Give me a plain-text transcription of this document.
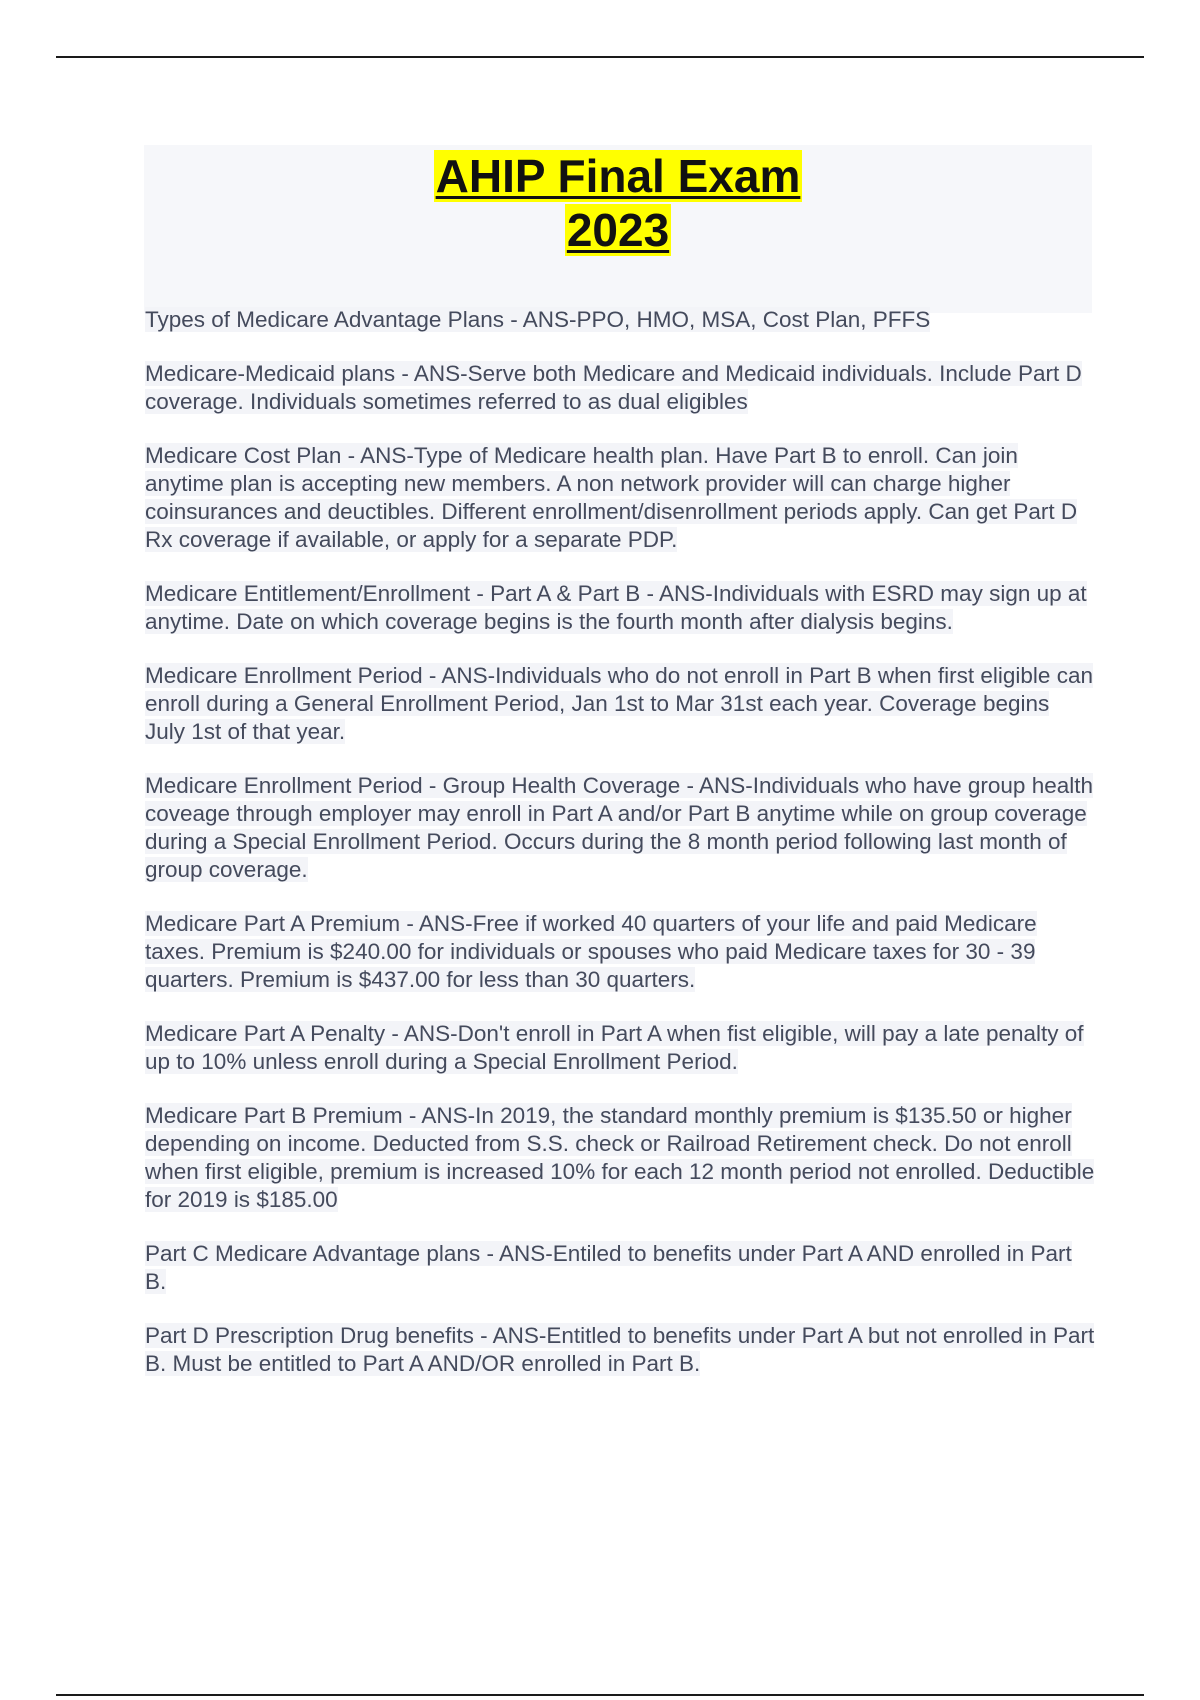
AHIP Final Exam
2023
Types of Medicare Advantage Plans - ANS-PPO, HMO, MSA, Cost Plan, PFFS
Medicare-Medicaid plans - ANS-Serve both Medicare and Medicaid individuals. Include Part D coverage. Individuals sometimes referred to as dual eligibles
Medicare Cost Plan - ANS-Type of Medicare health plan. Have Part B to enroll. Can join anytime plan is accepting new members. A non network provider will can charge higher coinsurances and deuctibles. Different enrollment/disenrollment periods apply. Can get Part D Rx coverage if available, or apply for a separate PDP.
Medicare Entitlement/Enrollment - Part A & Part B - ANS-Individuals with ESRD may sign up at anytime. Date on which coverage begins is the fourth month after dialysis begins.
Medicare Enrollment Period - ANS-Individuals who do not enroll in Part B when first eligible can enroll during a General Enrollment Period, Jan 1st to Mar 31st each year. Coverage begins July 1st of that year.
Medicare Enrollment Period - Group Health Coverage - ANS-Individuals who have group health coveage through employer may enroll in Part A and/or Part B anytime while on group coverage during a Special Enrollment Period. Occurs during the 8 month period following last month of group coverage.
Medicare Part A Premium - ANS-Free if worked 40 quarters of your life and paid Medicare taxes. Premium is $240.00 for individuals or spouses who paid Medicare taxes for 30 - 39 quarters. Premium is $437.00 for less than 30 quarters.
Medicare Part A Penalty - ANS-Don't enroll in Part A when fist eligible, will pay a late penalty of up to 10% unless enroll during a Special Enrollment Period.
Medicare Part B Premium - ANS-In 2019, the standard monthly premium is $135.50 or higher depending on income. Deducted from S.S. check or Railroad Retirement check. Do not enroll when first eligible, premium is increased 10% for each 12 month period not enrolled. Deductible for 2019 is $185.00
Part C Medicare Advantage plans - ANS-Entiled to benefits under Part A AND enrolled in Part B.
Part D Prescription Drug benefits - ANS-Entitled to benefits under Part A but not enrolled in Part B. Must be entitled to Part A AND/OR enrolled in Part B.
